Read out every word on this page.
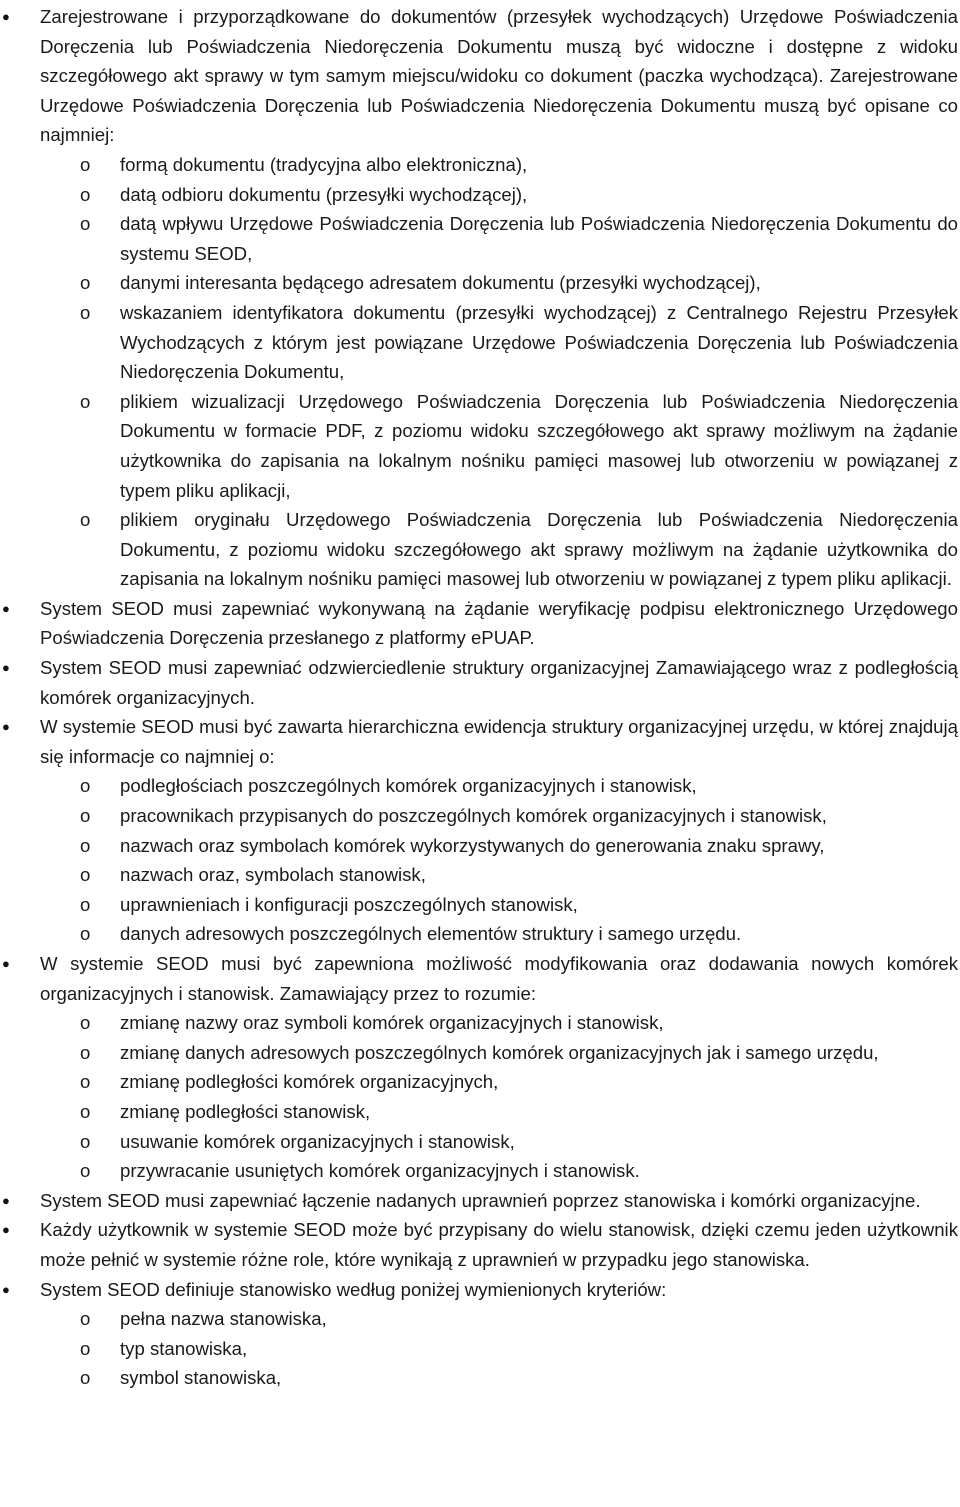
● Zarejestrowane i przyporządkowane do dokumentów (przesyłek wychodzących) Urzędowe Poświadczenia Doręczenia lub Poświadczenia Niedoręczenia Dokumentu muszą być widoczne i dostępne z widoku szczegółowego akt sprawy w tym samym miejscu/widoku co dokument (paczka wychodząca). Zarejestrowane Urzędowe Poświadczenia Doręczenia lub Poświadczenia Niedoręczenia Dokumentu muszą być opisane co najmniej:

o formą dokumentu (tradycyjna albo elektroniczna),
o datą odbioru dokumentu (przesyłki wychodzącej),
o datą wpływu Urzędowe Poświadczenia Doręczenia lub Poświadczenia Niedoręczenia Dokumentu do systemu SEOD,
o danymi interesanta będącego adresatem dokumentu (przesyłki wychodzącej),
o wskazaniem identyfikatora dokumentu (przesyłki wychodzącej) z Centralnego Rejestru Przesyłek Wychodzących z którym jest powiązane Urzędowe Poświadczenia Doręczenia lub Poświadczenia Niedoręczenia Dokumentu,
o plikiem wizualizacji Urzędowego Poświadczenia Doręczenia lub Poświadczenia Niedoręczenia Dokumentu w formacie PDF, z poziomu widoku szczegółowego akt sprawy możliwym na żądanie użytkownika do zapisania na lokalnym nośniku pamięci masowej lub otworzeniu w powiązanej z typem pliku aplikacji,
o plikiem oryginału Urzędowego Poświadczenia Doręczenia lub Poświadczenia Niedoręczenia Dokumentu, z poziomu widoku szczegółowego akt sprawy możliwym na żądanie użytkownika do zapisania na lokalnym nośniku pamięci masowej lub otworzeniu w powiązanej z typem pliku aplikacji.

● System SEOD musi zapewniać wykonywaną na żądanie weryfikację podpisu elektronicznego Urzędowego Poświadczenia Doręczenia przesłanego z platformy ePUAP.

● System SEOD musi zapewniać odzwierciedlenie struktury organizacyjnej Zamawiającego wraz z podległością komórek organizacyjnych.

● W systemie SEOD musi być zawarta hierarchiczna ewidencja struktury organizacyjnej urzędu, w której znajdują się informacje co najmniej o:

o podległościach poszczególnych komórek organizacyjnych i stanowisk,
o pracownikach przypisanych do poszczególnych komórek organizacyjnych i stanowisk,
o nazwach oraz symbolach komórek wykorzystywanych do generowania znaku sprawy,
o nazwach oraz, symbolach stanowisk,
o uprawnieniach i konfiguracji poszczególnych stanowisk,
o danych adresowych poszczególnych elementów struktury i samego urzędu.

● W systemie SEOD musi być zapewniona możliwość modyfikowania oraz dodawania nowych komórek organizacyjnych i stanowisk. Zamawiający przez to rozumie:

o zmianę nazwy oraz symboli komórek organizacyjnych i stanowisk,
o zmianę danych adresowych poszczególnych komórek organizacyjnych jak i samego urzędu,
o zmianę podległości komórek organizacyjnych,
o zmianę podległości stanowisk,
o usuwanie komórek organizacyjnych i stanowisk,
o przywracanie usuniętych komórek organizacyjnych i stanowisk.

● System SEOD musi zapewniać łączenie nadanych uprawnień poprzez stanowiska i komórki organizacyjne.

● Każdy użytkownik w systemie SEOD może być przypisany do wielu stanowisk, dzięki czemu jeden użytkownik może pełnić w systemie różne role, które wynikają z uprawnień w przypadku jego stanowiska.

● System SEOD definiuje stanowisko według poniżej wymienionych kryteriów:

o pełna nazwa stanowiska,
o typ stanowiska,
o symbol stanowiska,
